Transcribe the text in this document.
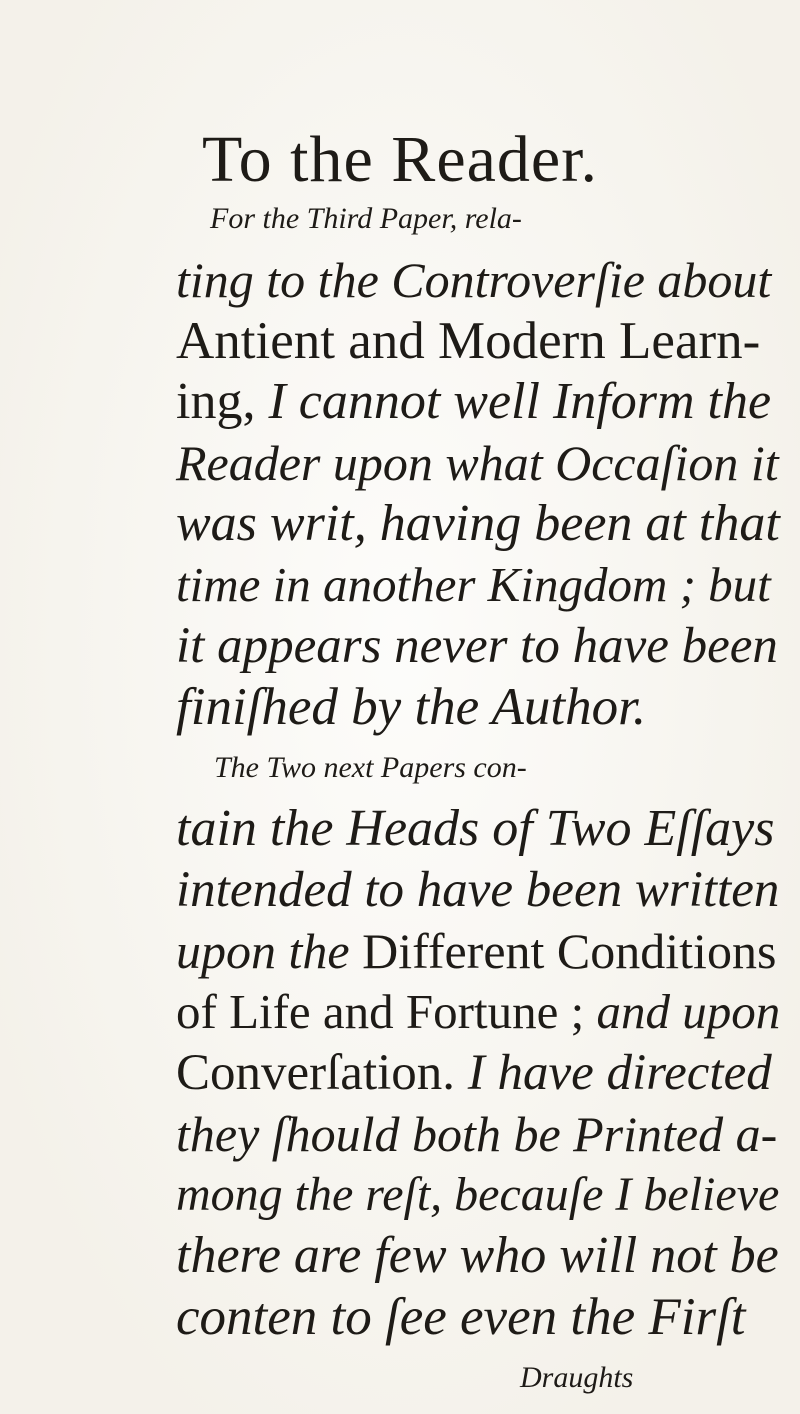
To the Reader.
For the Third Paper, rela-
ting to the Controverſie about
Antient and Modern Learn-
ing, I cannot well Inform the
Reader upon what Occaſion it
was writ, having been at that
time in another Kingdom ; but
it appears never to have been
finiſhed by the Author.
The Two next Papers con-
tain the Heads of Two Eſſays
intended to have been written
upon the Different Conditions
of Life and Fortune ; and upon
Converſation. I have directed
they ſhould both be Printed a-
mong the reſt, becauſe I believe
there are few who will not be
conten to ſee even the Firſt
Draughts
